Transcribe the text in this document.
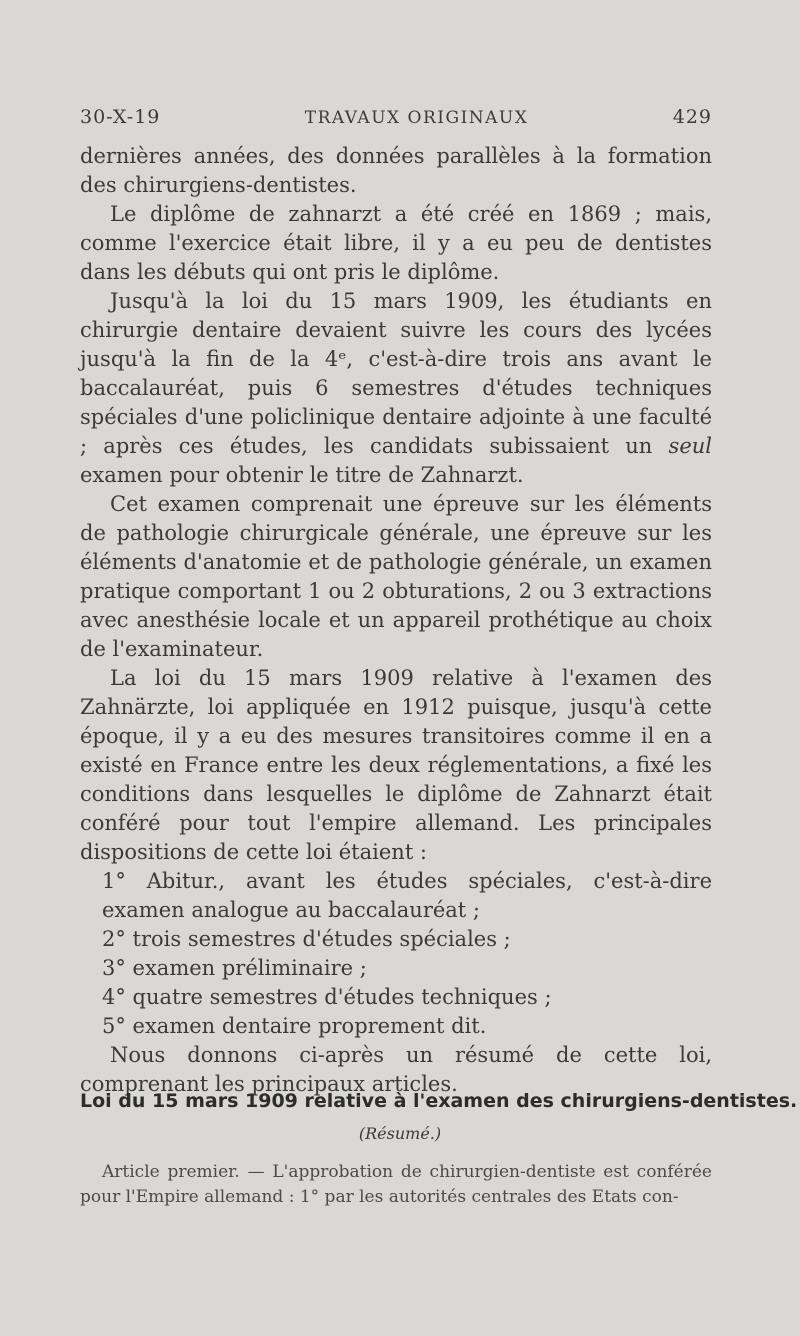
30-X-19	TRAVAUX ORIGINAUX	429

dernières années, des données parallèles à la formation des chirurgiens-dentistes.

Le diplôme de zahnarzt a été créé en 1869 ; mais, comme l'exercice était libre, il y a eu peu de dentistes dans les débuts qui ont pris le diplôme.

Jusqu'à la loi du 15 mars 1909, les étudiants en chirurgie dentaire devaient suivre les cours des lycées jusqu'à la fin de la 4ᵉ, c'est-à-dire trois ans avant le baccalauréat, puis 6 semestres d'études techniques spéciales d'une policlinique dentaire adjointe à une faculté ; après ces études, les candidats subissaient un seul examen pour obtenir le titre de Zahnarzt.

Cet examen comprenait une épreuve sur les éléments de pathologie chirurgicale générale, une épreuve sur les éléments d'anatomie et de pathologie générale, un examen pratique comportant 1 ou 2 obturations, 2 ou 3 extractions avec anesthésie locale et un appareil prothétique au choix de l'examinateur.

La loi du 15 mars 1909 relative à l'examen des Zahnärzte, loi appliquée en 1912 puisque, jusqu'à cette époque, il y a eu des mesures transitoires comme il en a existé en France entre les deux réglementations, a fixé les conditions dans lesquelles le diplôme de Zahnarzt était conféré pour tout l'empire allemand. Les principales dispositions de cette loi étaient :

1° Abitur., avant les études spéciales, c'est-à-dire examen analogue au baccalauréat ;

2° trois semestres d'études spéciales ;

3° examen préliminaire ;

4° quatre semestres d'études techniques ;

5° examen dentaire proprement dit.

Nous donnons ci-après un résumé de cette loi, comprenant les principaux articles.

Loi du 15 mars 1909 relative à l'examen des chirurgiens-dentistes.
(Résumé.)

Article premier. — L'approbation de chirurgien-dentiste est conférée pour l'Empire allemand : 1° par les autorités centrales des Etats con-
